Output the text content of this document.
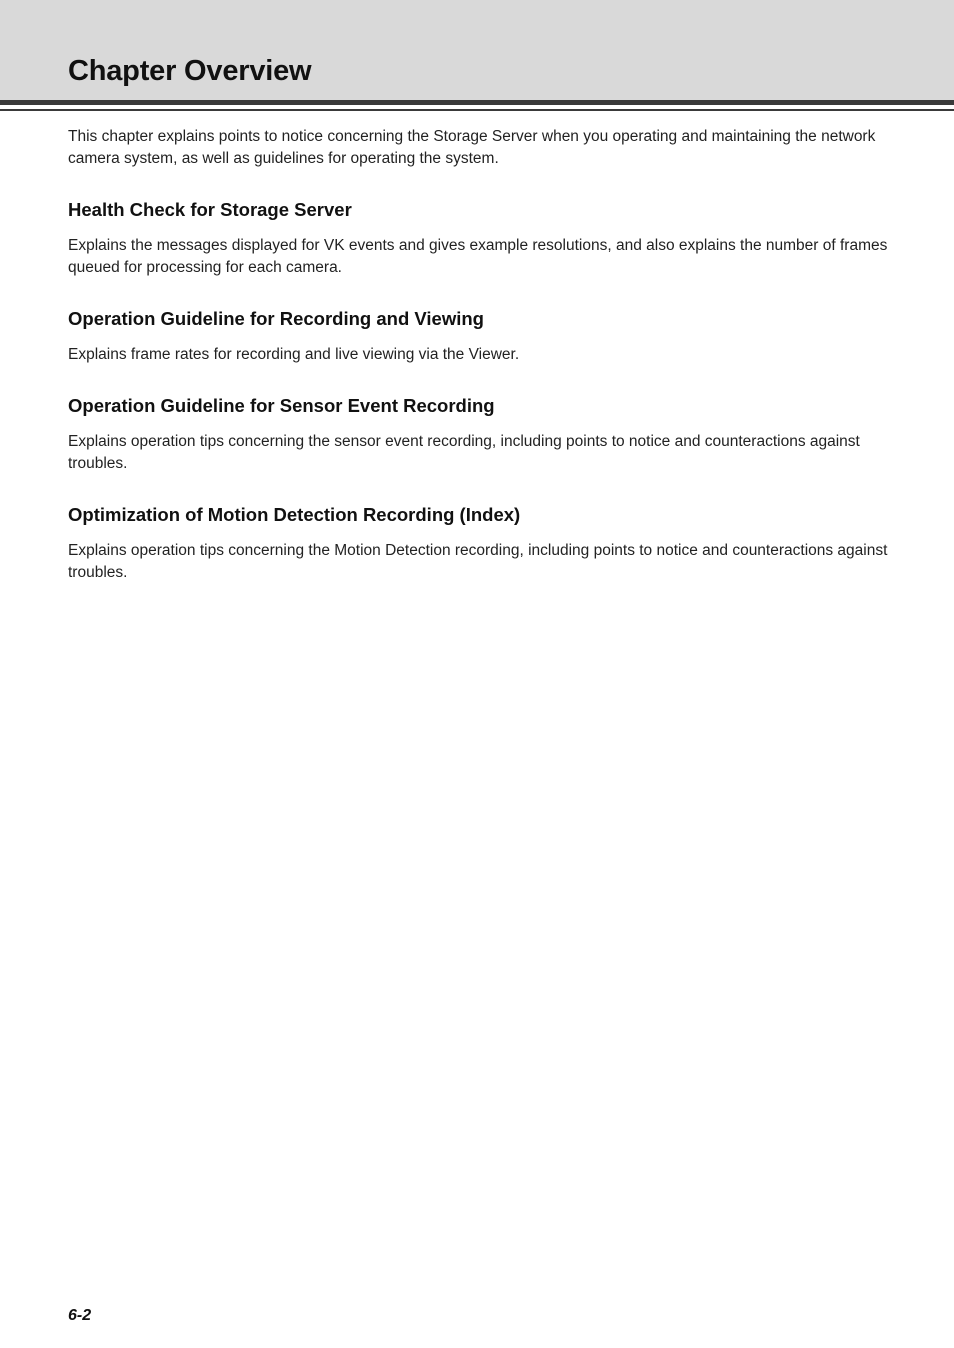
Chapter Overview

This chapter explains points to notice concerning the Storage Server when you operating and maintaining the network camera system, as well as guidelines for operating the system.

Health Check for Storage Server

Explains the messages displayed for VK events and gives example resolutions, and also explains the number of frames queued for processing for each camera.

Operation Guideline for Recording and Viewing

Explains frame rates for recording and live viewing via the Viewer.

Operation Guideline for Sensor Event Recording

Explains operation tips concerning the sensor event recording, including points to notice and counteractions against troubles.

Optimization of Motion Detection Recording (Index)

Explains operation tips concerning the Motion Detection recording, including points to notice and counteractions against troubles.

6-2
